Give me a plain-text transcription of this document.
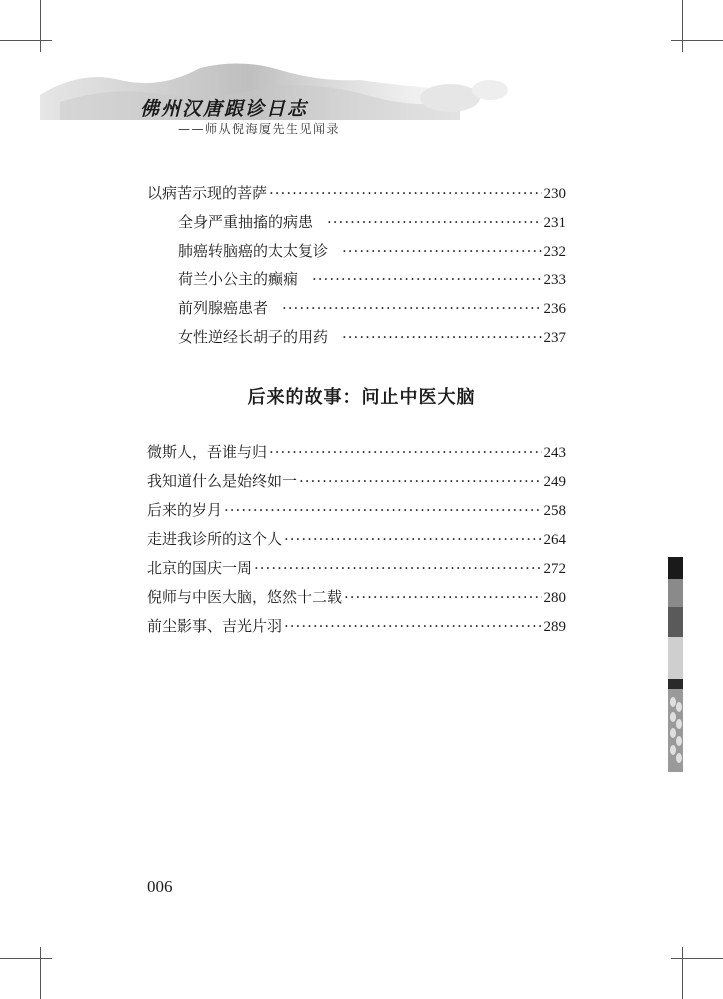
佛州汉唐跟诊日志
——师从倪海厦先生见闻录
以病苦示现的菩萨 ·····	230
全身严重抽搐的病患 ·····	231
肺癌转脑癌的太太复诊 ·····	232
荷兰小公主的癫痫 ·····	233
前列腺癌患者 ·····	236
女性逆经长胡子的用药 ·····	237
后来的故事：问止中医大脑
微斯人，吾谁与归 ·····	243
我知道什么是始终如一 ·····	249
后来的岁月 ·····	258
走进我诊所的这个人 ·····	264
北京的国庆一周 ·····	272
倪师与中医大脑，悠然十二载 ·····	280
前尘影事、吉光片羽 ·····	289
006
